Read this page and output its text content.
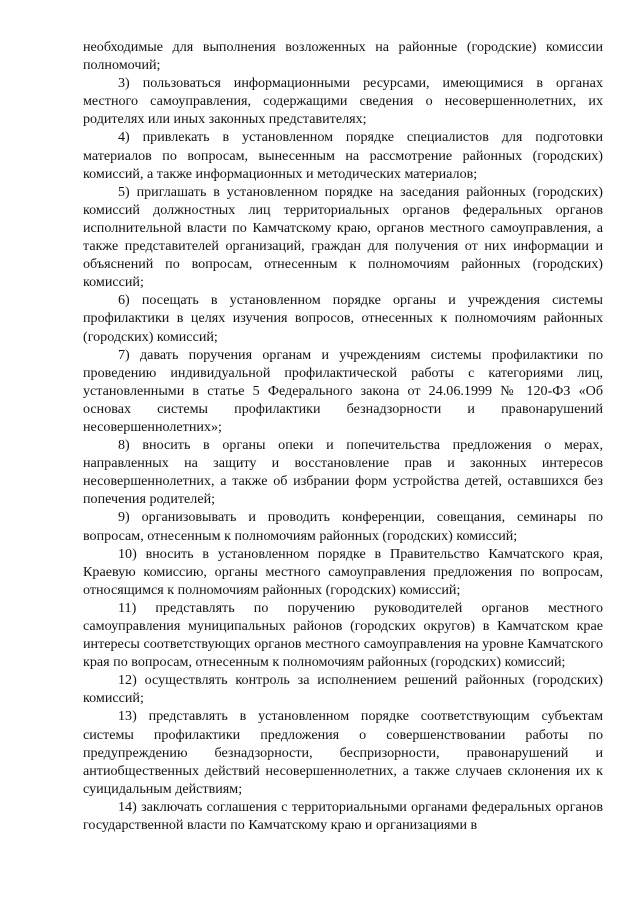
необходимые для выполнения возложенных на районные (городские) комиссии полномочий;

3) пользоваться информационными ресурсами, имеющимися в органах местного самоуправления, содержащими сведения о несовершеннолетних, их родителях или иных законных представителях;

4) привлекать в установленном порядке специалистов для подготовки материалов по вопросам, вынесенным на рассмотрение районных (городских) комиссий, а также информационных и методических материалов;

5) приглашать в установленном порядке на заседания районных (городских) комиссий должностных лиц территориальных органов федеральных органов исполнительной власти по Камчатскому краю, органов местного самоуправления, а также представителей организаций, граждан для получения от них информации и объяснений по вопросам, отнесенным к полномочиям районных (городских) комиссий;

6) посещать в установленном порядке органы и учреждения системы профилактики в целях изучения вопросов, отнесенных к полномочиям районных (городских) комиссий;

7) давать поручения органам и учреждениям системы профилактики по проведению индивидуальной профилактической работы с категориями лиц, установленными в статье 5 Федерального закона от 24.06.1999 № 120-ФЗ «Об основах системы профилактики безнадзорности и правонарушений несовершеннолетних»;

8) вносить в органы опеки и попечительства предложения о мерах, направленных на защиту и восстановление прав и законных интересов несовершеннолетних, а также об избрании форм устройства детей, оставшихся без попечения родителей;

9) организовывать и проводить конференции, совещания, семинары по вопросам, отнесенным к полномочиям районных (городских) комиссий;

10) вносить в установленном порядке в Правительство Камчатского края, Краевую комиссию, органы местного самоуправления предложения по вопросам, относящимся к полномочиям районных (городских) комиссий;

11) представлять по поручению руководителей органов местного самоуправления муниципальных районов (городских округов) в Камчатском крае интересы соответствующих органов местного самоуправления на уровне Камчатского края по вопросам, отнесенным к полномочиям районных (городских) комиссий;

12) осуществлять контроль за исполнением решений районных (городских) комиссий;

13) представлять в установленном порядке соответствующим субъектам системы профилактики предложения о совершенствовании работы по предупреждению безнадзорности, беспризорности, правонарушений и антиобщественных действий несовершеннолетних, а также случаев склонения их к суицидальным действиям;

14) заключать соглашения с территориальными органами федеральных органов государственной власти по Камчатскому краю и организациями в
